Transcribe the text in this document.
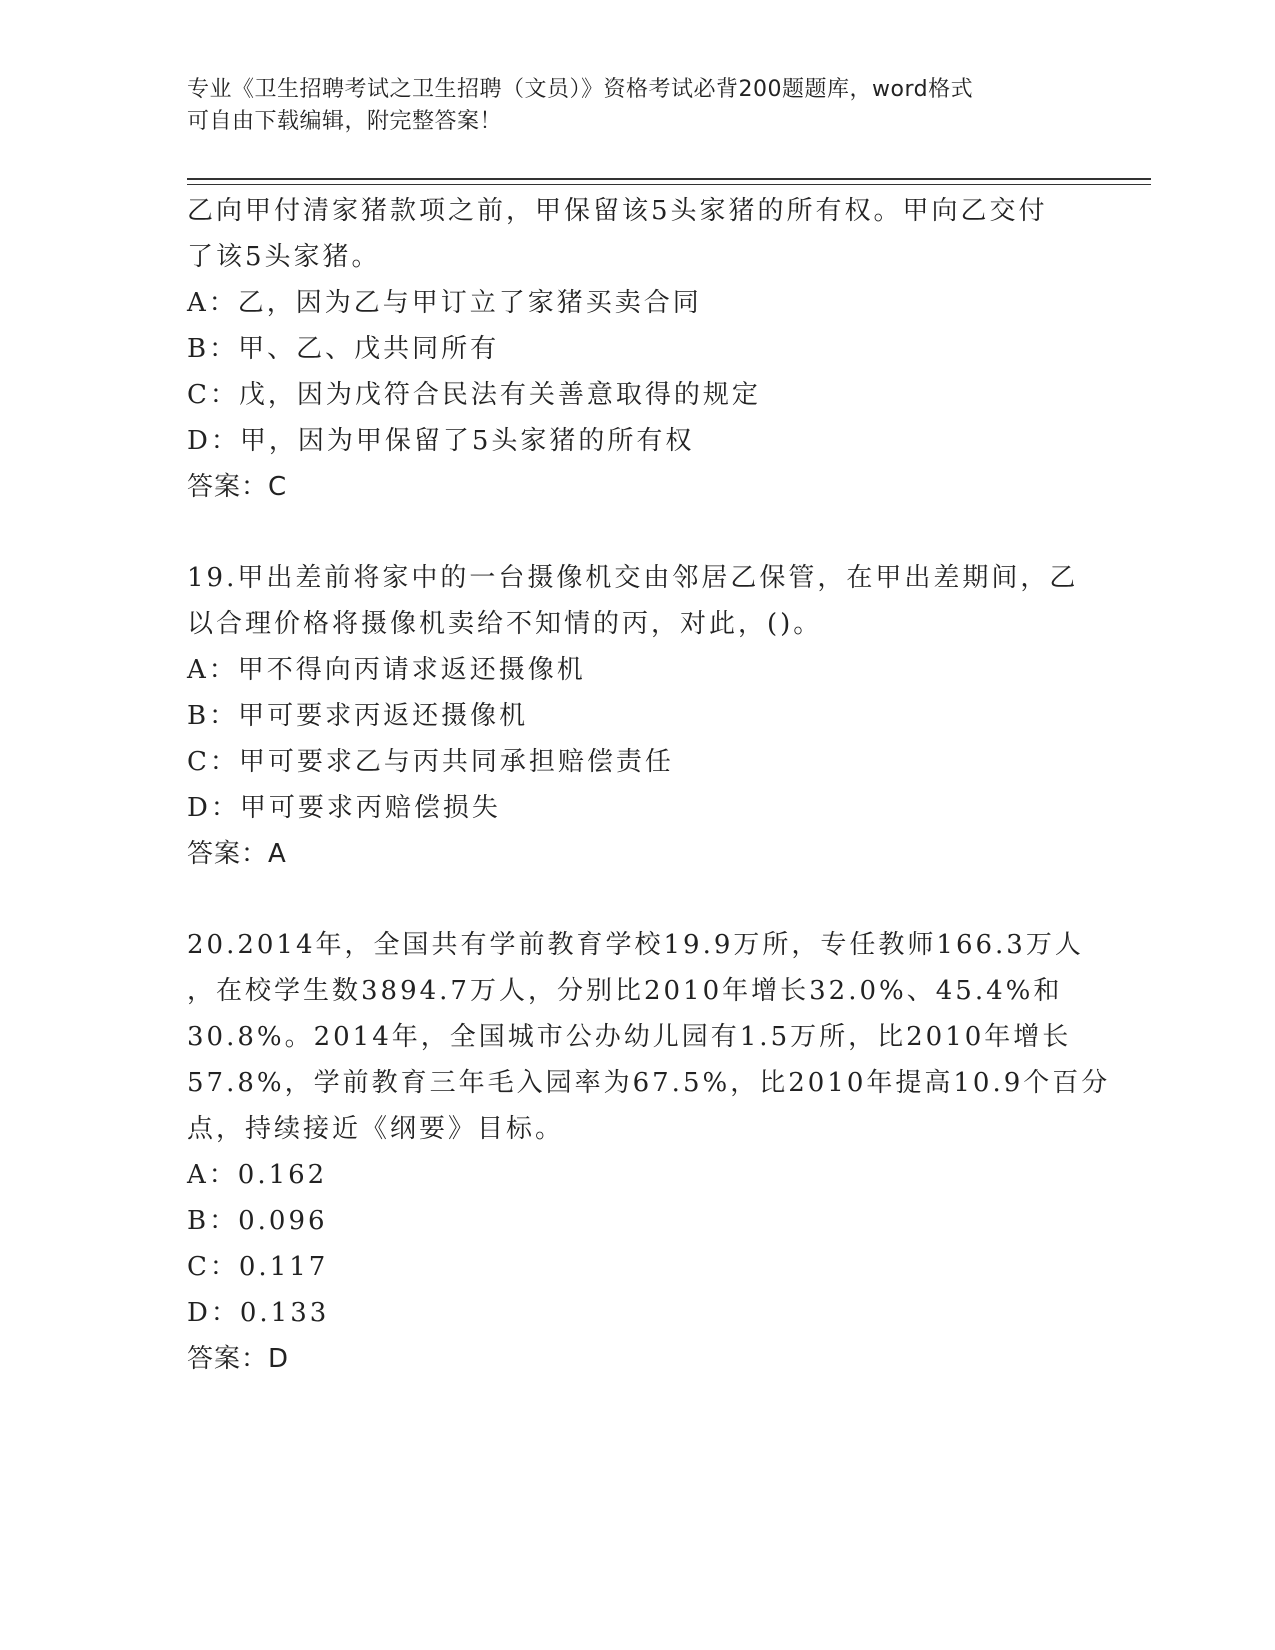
专业《卫生招聘考试之卫生招聘（文员）》资格考试必背200题题库，word格式
可自由下载编辑，附完整答案！
乙向甲付清家猪款项之前，甲保留该5头家猪的所有权。甲向乙交付
了该5头家猪。
A：乙，因为乙与甲订立了家猪买卖合同
B：甲、乙、戊共同所有
C：戊，因为戊符合民法有关善意取得的规定
D：甲，因为甲保留了5头家猪的所有权
答案：C
19.甲出差前将家中的一台摄像机交由邻居乙保管，在甲出差期间，乙
以合理价格将摄像机卖给不知情的丙，对此，()。
A：甲不得向丙请求返还摄像机
B：甲可要求丙返还摄像机
C：甲可要求乙与丙共同承担赔偿责任
D：甲可要求丙赔偿损失
答案：A
20.2014年，全国共有学前教育学校19.9万所，专任教师166.3万人
，在校学生数3894.7万人，分别比2010年增长32.0%、45.4%和
30.8%。2014年，全国城市公办幼儿园有1.5万所，比2010年增长
57.8%，学前教育三年毛入园率为67.5%，比2010年提高10.9个百分
点，持续接近《纲要》目标。
A：0.162
B：0.096
C：0.117
D：0.133
答案：D
